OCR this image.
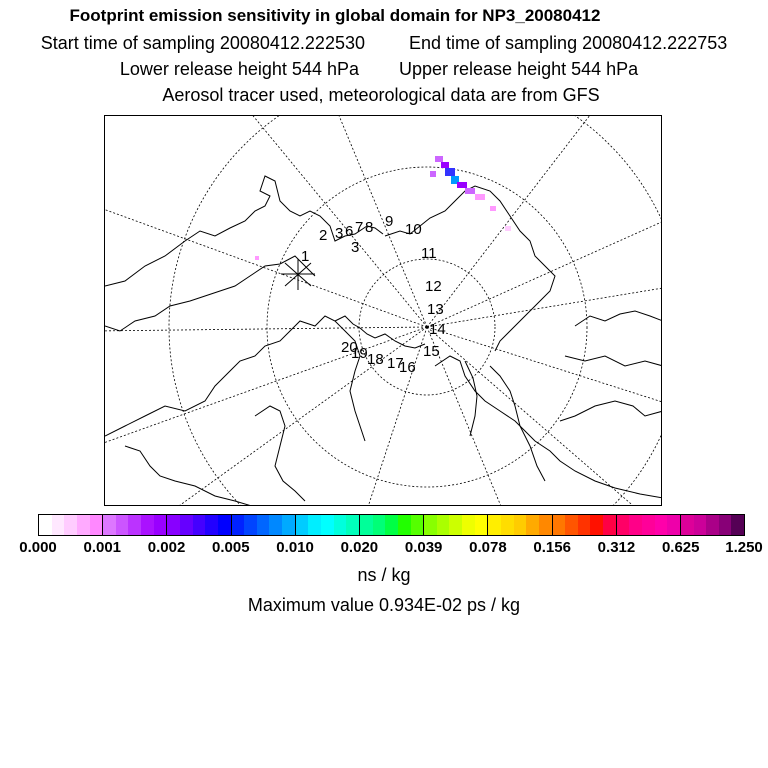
Footprint emission sensitivity in global domain for NP3_20080412
Start time of sampling 20080412.222530 End time of sampling 20080412.222753
Lower release height 544 hPa Upper release height 544 hPa
Aerosol tracer used, meteorological data are from GFS
1
2 3 6
3
7 8 9 10
11
12
13
14
15
16
17
18
19
20
0.000 0.001 0.002 0.005 0.010 0.020 0.039 0.078 0.156 0.312 0.625 1.250
ns / kg
Maximum value 0.934E-02 ps / kg
